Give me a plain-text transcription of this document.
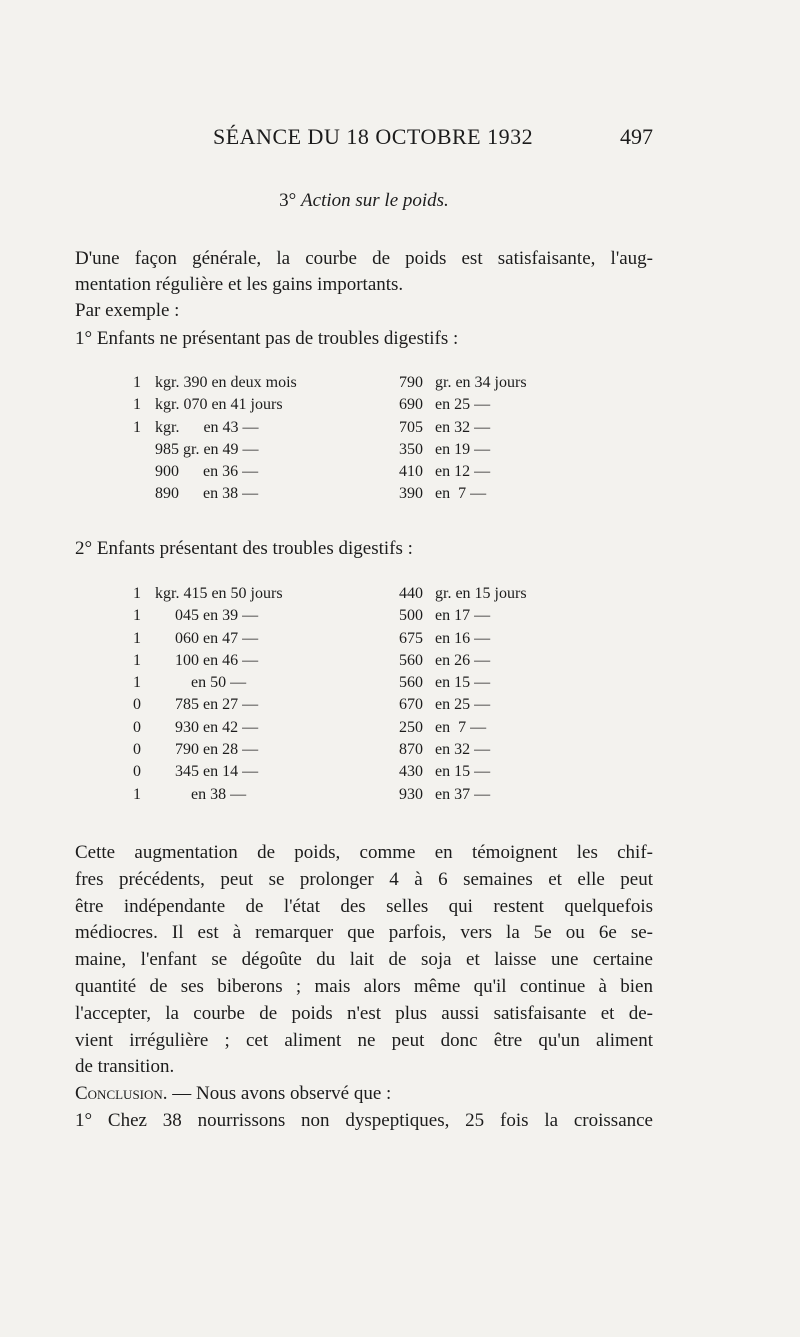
SÉANCE DU 18 OCTOBRE 1932	497
3° Action sur le poids.
D'une façon générale, la courbe de poids est satisfaisante, l'aug-
mentation régulière et les gains importants.
Par exemple :
1° Enfants ne présentant pas de troubles digestifs :
1 kgr. 390 en deux mois	790 gr. en 34 jours
1 kgr. 070 en 41 jours	690 en 25 —
1 kgr.      en 43 —	705 en 32 —
985 gr. en 49 —	350 en 19 —
900      en 36 —	410 en 12 —
890      en 38 —	390 en  7 —
2° Enfants présentant des troubles digestifs :
1 kgr. 415 en 50 jours	440 gr. en 15 jours
1 045 en 39 —	500 en 17 —
1 060 en 47 —	675 en 16 —
1 100 en 46 —	560 en 26 —
1 en 50 —	560 en 15 —
0 785 en 27 —	670 en 25 —
0 930 en 42 —	250 en  7 —
0 790 en 28 —	870 en 32 —
0 345 en 14 —	430 en 15 —
1 en 38 —	930 en 37 —
Cette augmentation de poids, comme en témoignent les chif-
fres précédents, peut se prolonger 4 à 6 semaines et elle peut
être indépendante de l'état des selles qui restent quelquefois
médiocres. Il est à remarquer que parfois, vers la 5e ou 6e se-
maine, l'enfant se dégoûte du lait de soja et laisse une certaine
quantité de ses biberons ; mais alors même qu'il continue à bien
l'accepter, la courbe de poids n'est plus aussi satisfaisante et de-
vient irrégulière ; cet aliment ne peut donc être qu'un aliment
de transition.
Conclusion. — Nous avons observé que :
1° Chez 38 nourrissons non dyspeptiques, 25 fois la croissance
